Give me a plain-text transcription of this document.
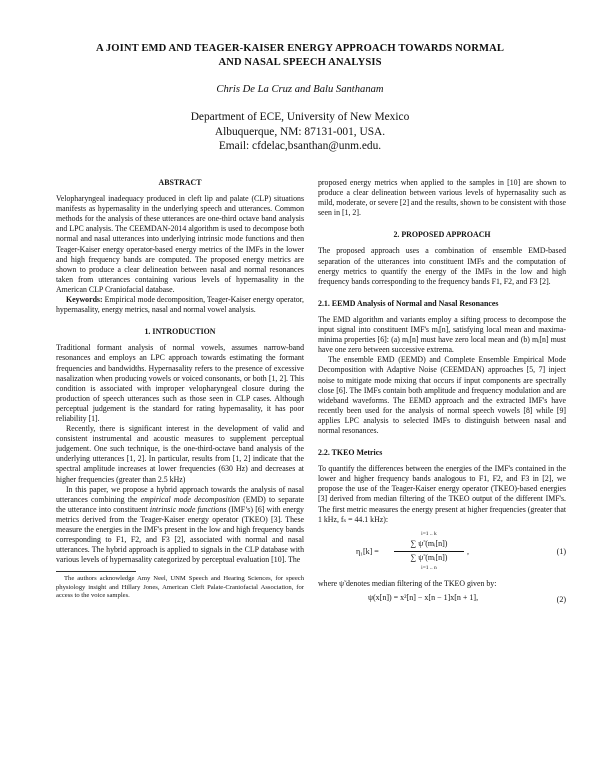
A JOINT EMD AND TEAGER-KAISER ENERGY APPROACH TOWARDS NORMAL
AND NASAL SPEECH ANALYSIS
Chris De La Cruz and Balu Santhanam
Department of ECE, University of New Mexico
Albuquerque, NM: 87131-001, USA.
Email: cfdelac,bsanthan@unm.edu.
ABSTRACT

Velopharyngeal inadequacy produced in cleft lip and palate (CLP) situations manifests as hypernasality in the underlying speech and utterances. Common methods for the analysis of these utterances are one-third octave band analysis and LPC analysis. The CEEMDAN-2014 algorithm is used to decompose both normal and nasal utterances into underlying intrinsic mode functions and then Teager-Kaiser energy operator-based energy metrics of the IMFs in the lower and high frequency bands are computed. The proposed energy metrics are shown to produce a clear delineation between nasal and normal resonances taken from utterances containing various levels of hypernasality in the American CLP Craniofacial database.

Keywords: Empirical mode decomposition, Teager-Kaiser energy operator, hypernasality, energy metrics, nasal and normal vowel analysis.

1. INTRODUCTION

Traditional formant analysis of normal vowels, assumes narrow-band resonances and employs an LPC approach towards estimating the formant frequencies and bandwidths. Hypernasality refers to the presence of excessive nasalization when producing vowels or voiced consonants, or both [1, 2]. This condition is associated with improper velopharyngeal closure during the production of speech utterances such as those seen in CLP cases. Although perceptual judgement is the standard for rating hypernasality, it has poor reliability [1].

Recently, there is significant interest in the development of valid and consistent instrumental and acoustic measures to supplement perceptual judgement. One such technique, is the one-third-octave band analysis of the underlying utterances [1, 2]. In particular, results from [1, 2] indicate that the spectral amplitude increases at lower frequencies (630 Hz) and decreases at higher frequencies (greater than 2.5 kHz)

In this paper, we propose a hybrid approach towards the analysis of nasal utterances combining the empirical mode decomposition (EMD) to separate the utterance into constituent intrinsic mode functions (IMF’s) [6] with energy metrics derived from the Teager-Kaiser energy operator (TKEO) [3]. These measure the energies in the IMF's present in the low and high frequency bands corresponding to F1, F2, and F3 [2], associated with normal and nasal utterances. The hybrid approach is applied to signals in the CLP database with various levels of hypernasality categorized by perceptual evaluation [10]. The

The authors acknowledge Amy Neel, UNM Speech and Hearing Sciences, for speech physiology insight and Hillary Jones, American Cleft Palate-Craniofacial Association, for access to the voice samples.

proposed energy metrics when applied to the samples in [10] are shown to produce a clear delineation between various levels of hypernasality such as mild, moderate, or severe [2] and the results, shown to be consistent with those seen in [1, 2].

2. PROPOSED APPROACH

The proposed approach uses a combination of ensemble EMD-based separation of the utterances into constituent IMFs and the computation of energy metrics to quantify the energy of the IMFs in the low and high frequency bands corresponding to the frequency bands F1, F2, and F3 [2].

2.1. EEMD Analysis of Normal and Nasal Resonances

The EMD algorithm and variants employ a sifting process to decompose the input signal into constituent IMF's mᵢ[n], satisfying local mean and maxima-minima properties [6]: (a) mᵢ[n] must have zero local mean and (b) mᵢ[n] must have one zero between successive extrema.

The ensemble EMD (EEMD) and Complete Ensemble Empirical Mode Decomposition with Adaptive Noise (CEEMDAN) approaches [5, 7] inject noise to mitigate mode mixing that occurs if input components are spectrally close [6]. The IMFs contain both amplitude and frequency modulation and are wideband waveforms. The EEMD approach and the extracted IMF's have recently been used for the analysis of normal speech vowels [8] while [9] applies LPC analysis to selected IMFs to distinguish between nasal and normal resonances.

2.2. TKEO Metrics

To quantify the differences between the energies of the IMF's contained in the lower and higher frequency bands analogous to F1, F2, and F3 in [2], we propose the use of the Teager-Kaiser energy operator (TKEO)-based energies [3] derived from median filtering of the TKEO output of the different IMF's. The first metric measures the energy present at higher frequencies (greater that 1 kHz, fₛ = 44.1 kHz):

η₁[k] =
i=1 .. k
∑ ψ̃ (mᵢ[n])
∑ ψ̃ (mᵢ[n])
i=1 .. n
,	(1)

where ψ̃ denotes median filtering of the TKEO given by:

ψ(x[n]) = x²[n] − x[n − 1]x[n + 1],	(2)
